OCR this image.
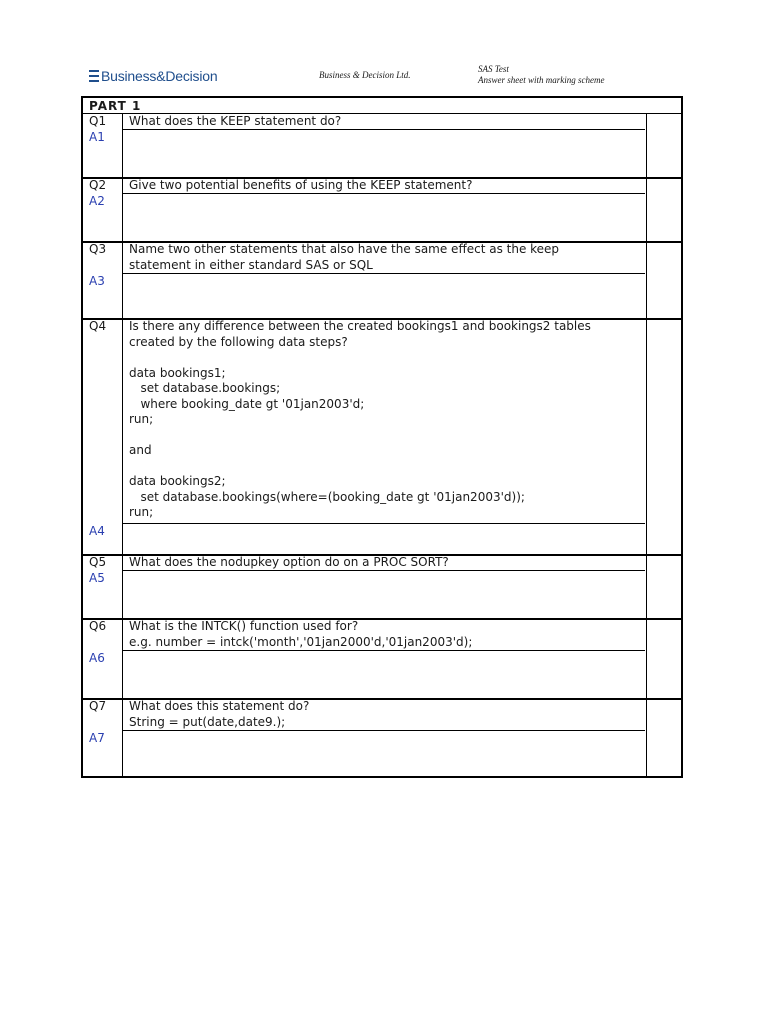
Business&Decision	Business & Decision Ltd.
SAS Test
Answer sheet with marking scheme
PART 1
Q1 What does the KEEP statement do?
A1
Q2 Give two potential benefits of using the KEEP statement?
A2
Q3 Name two other statements that also have the same effect as the keep
statement in either standard SAS or SQL
A3
Q4 Is there any difference between the created bookings1 and bookings2 tables
created by the following data steps?

data bookings1;
set database.bookings;
where booking_date gt '01jan2003'd;
run;

and

data bookings2;
set database.bookings(where=(booking_date gt '01jan2003'd));
run;
A4
Q5 What does the nodupkey option do on a PROC SORT?
A5
Q6 What is the INTCK() function used for?
e.g. number = intck('month','01jan2000'd,'01jan2003'd);
A6
Q7 What does this statement do?
String = put(date,date9.);
A7
